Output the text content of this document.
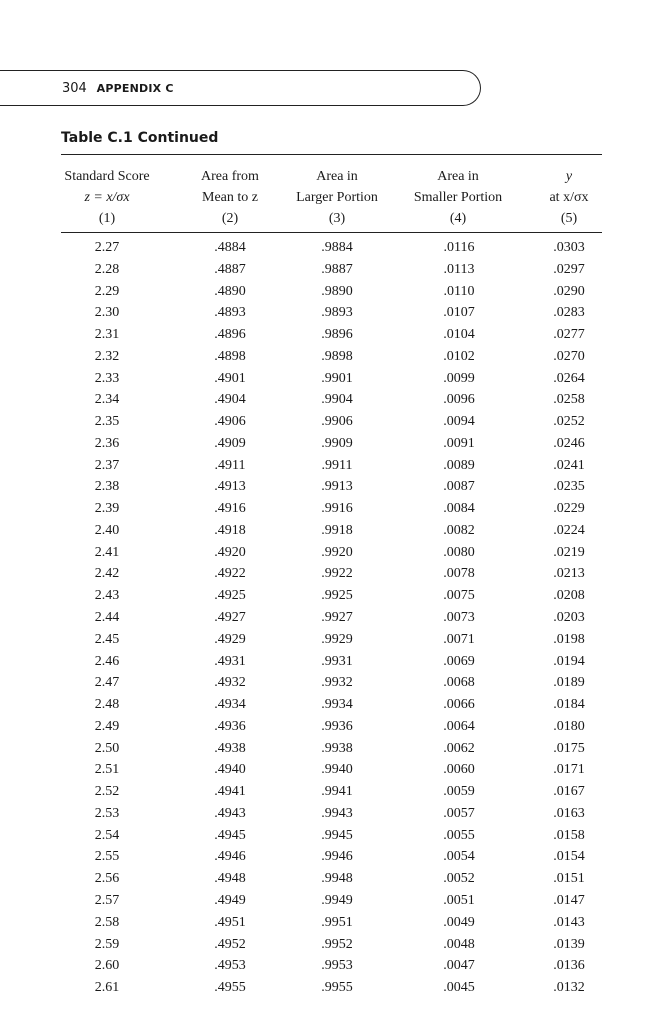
304 APPENDIX C
Table C.1 Continued
Standard Score
z = x/σx
(1)
Area from
Mean to z
(2)
Area in
Larger Portion
(3)
Area in
Smaller Portion
(4)
y
at x/σx
(5)
2.27	.4884	.9884	.0116	.0303
2.28	.4887	.9887	.0113	.0297
2.29	.4890	.9890	.0110	.0290
2.30	.4893	.9893	.0107	.0283
2.31	.4896	.9896	.0104	.0277
2.32	.4898	.9898	.0102	.0270
2.33	.4901	.9901	.0099	.0264
2.34	.4904	.9904	.0096	.0258
2.35	.4906	.9906	.0094	.0252
2.36	.4909	.9909	.0091	.0246
2.37	.4911	.9911	.0089	.0241
2.38	.4913	.9913	.0087	.0235
2.39	.4916	.9916	.0084	.0229
2.40	.4918	.9918	.0082	.0224
2.41	.4920	.9920	.0080	.0219
2.42	.4922	.9922	.0078	.0213
2.43	.4925	.9925	.0075	.0208
2.44	.4927	.9927	.0073	.0203
2.45	.4929	.9929	.0071	.0198
2.46	.4931	.9931	.0069	.0194
2.47	.4932	.9932	.0068	.0189
2.48	.4934	.9934	.0066	.0184
2.49	.4936	.9936	.0064	.0180
2.50	.4938	.9938	.0062	.0175
2.51	.4940	.9940	.0060	.0171
2.52	.4941	.9941	.0059	.0167
2.53	.4943	.9943	.0057	.0163
2.54	.4945	.9945	.0055	.0158
2.55	.4946	.9946	.0054	.0154
2.56	.4948	.9948	.0052	.0151
2.57	.4949	.9949	.0051	.0147
2.58	.4951	.9951	.0049	.0143
2.59	.4952	.9952	.0048	.0139
2.60	.4953	.9953	.0047	.0136
2.61	.4955	.9955	.0045	.0132
